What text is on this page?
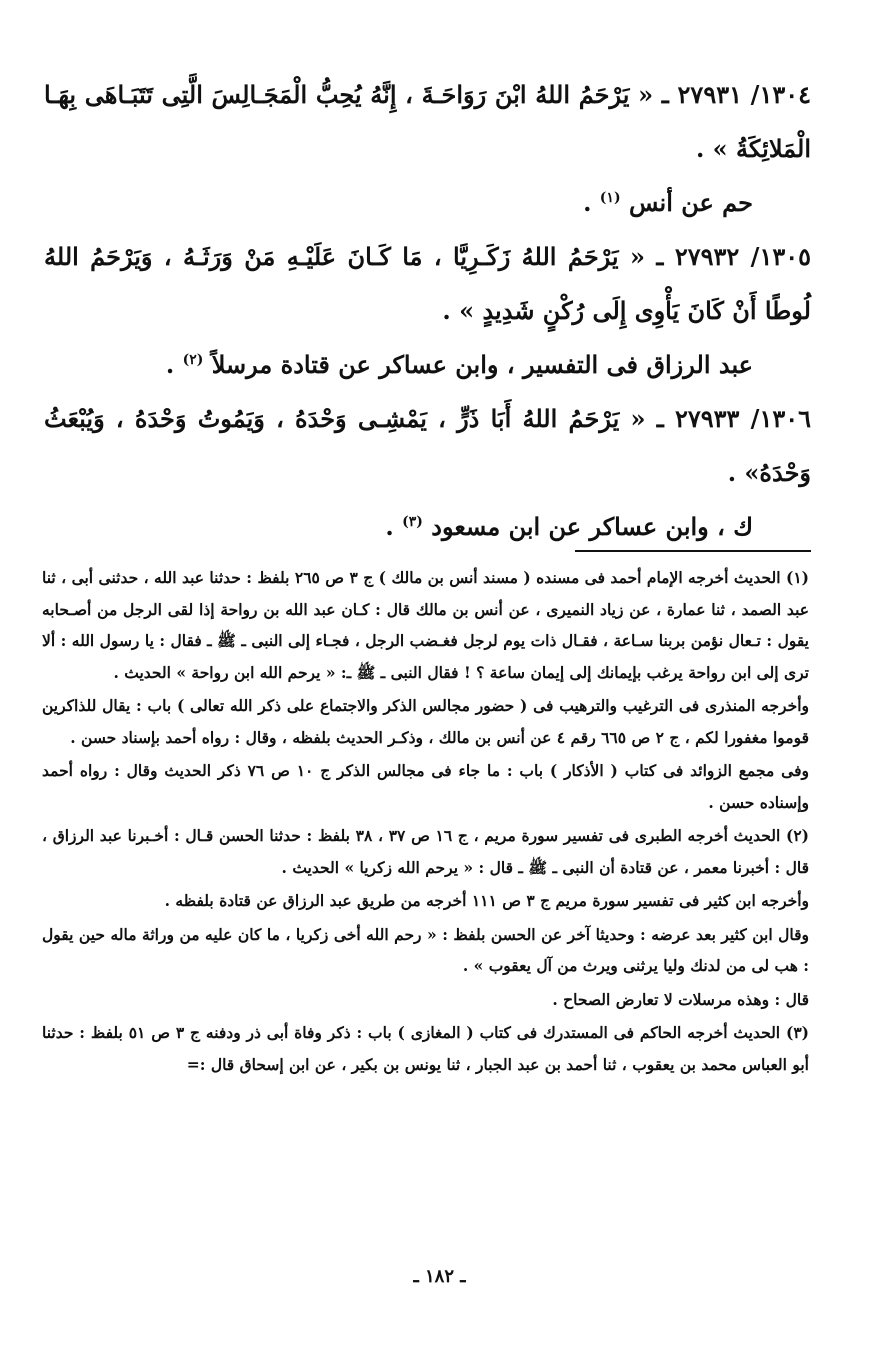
١٣٠٤/ ٢٧٩٣١ ـ « يَرْحَمُ اللهُ ابْنَ رَوَاحَـةَ ، إِنَّهُ يُحِبُّ الْمَجَـالِسَ الَّتِى تَتَبَـاهَى بِهَـا الْمَلائِكَةُ » .

حم عن أنس $^{(١)}$ .

١٣٠٥/ ٢٧٩٣٢ ـ « يَرْحَمُ اللهُ زَكَـرِيَّا ، مَا كَـانَ عَلَيْـهِ مَنْ وَرَثَـهُ ، وَيَرْحَمُ اللهُ لُوطًا أَنْ كَانَ يَأْوِى إِلَى رُكْنٍ شَدِيدٍ » .

عبد الرزاق فى التفسير ، وابن عساكر عن قتادة مرسلاً $^{(٢)}$ .

١٣٠٦/ ٢٧٩٣٣ ـ « يَرْحَمُ اللهُ أَبَا ذَرٍّ ، يَمْشِـى وَحْدَهُ ، وَيَمُوتُ وَحْدَهُ ، وَيُبْعَثُ وَحْدَهُ» .

ك ، وابن عساكر عن ابن مسعود $^{(٣)}$ .

(١) الحديث أخرجه الإمام أحمد فى مسنده ( مسند أنس بن مالك ) ج ٣ ص ٢٦٥ بلفظ : حدثنا عبد الله ، حدثنى أبى ، ثنا عبد الصمد ، ثنا عمارة ، عن زياد النميرى ، عن أنس بن مالك قال : كـان عبد الله بن رواحة إذا لقى الرجل من أصـحابه يقول : تـعال نؤمن بربنا سـاعة ، فقـال ذات يوم لرجل فغـضب الرجل ، فجـاء إلى النبى ـ ﷺ ـ فقال : يا رسول الله : ألا ترى إلى ابن رواحة يرغب بإيمانك إلى إيمان ساعة ؟ ! فقال النبى ـ ﷺ ـ: « يرحم الله ابن رواحة » الحديث .

وأخرجه المنذرى فى الترغيب والترهيب فى ( حضور مجالس الذكر والاجتماع على ذكر الله تعالى ) باب : يقال للذاكرين قوموا مغفورا لكم ، ج ٢ ص ٦٦٥ رقم ٤ عن أنس بن مالك ، وذكـر الحديث بلفظه ، وقال : رواه أحمد بإسناد حسن .

وفى مجمع الزوائد فى كتاب ( الأذكار ) باب : ما جاء فى مجالس الذكر ج ١٠ ص ٧٦ ذكر الحديث وقال : رواه أحمد وإسناده حسن .

(٢) الحديث أخرجه الطبرى فى تفسير سورة مريم ، ج ١٦ ص ٣٧ ، ٣٨ بلفظ : حدثنا الحسن قـال : أخـبرنا عبد الرزاق ، قال : أخبرنا معمر ، عن قتادة أن النبى ـ ﷺ ـ قال : « يرحم الله زكريا » الحديث .

وأخرجه ابن كثير فى تفسير سورة مريم ج ٣ ص ١١١ أخرجه من طريق عبد الرزاق عن قتادة بلفظه .

وقال ابن كثير بعد عرضه : وحديثا آخر عن الحسن بلفظ : « رحم الله أخى زكريا ، ما كان عليه من وراثة ماله حين يقول : هب لى من لدنك وليا يرثنى ويرث من آل يعقوب » .

قال : وهذه مرسلات لا تعارض الصحاح .

(٣) الحديث أخرجه الحاكم فى المستدرك فى كتاب ( المغازى ) باب : ذكر وفاة أبى ذر ودفنه ج ٣ ص ٥١ بلفظ : حدثنا أبو العباس محمد بن يعقوب ، ثنا أحمد بن عبد الجبار ، ثنا يونس بن بكير ، عن ابن إسحاق قال :=

ـ ١٨٢ ـ
